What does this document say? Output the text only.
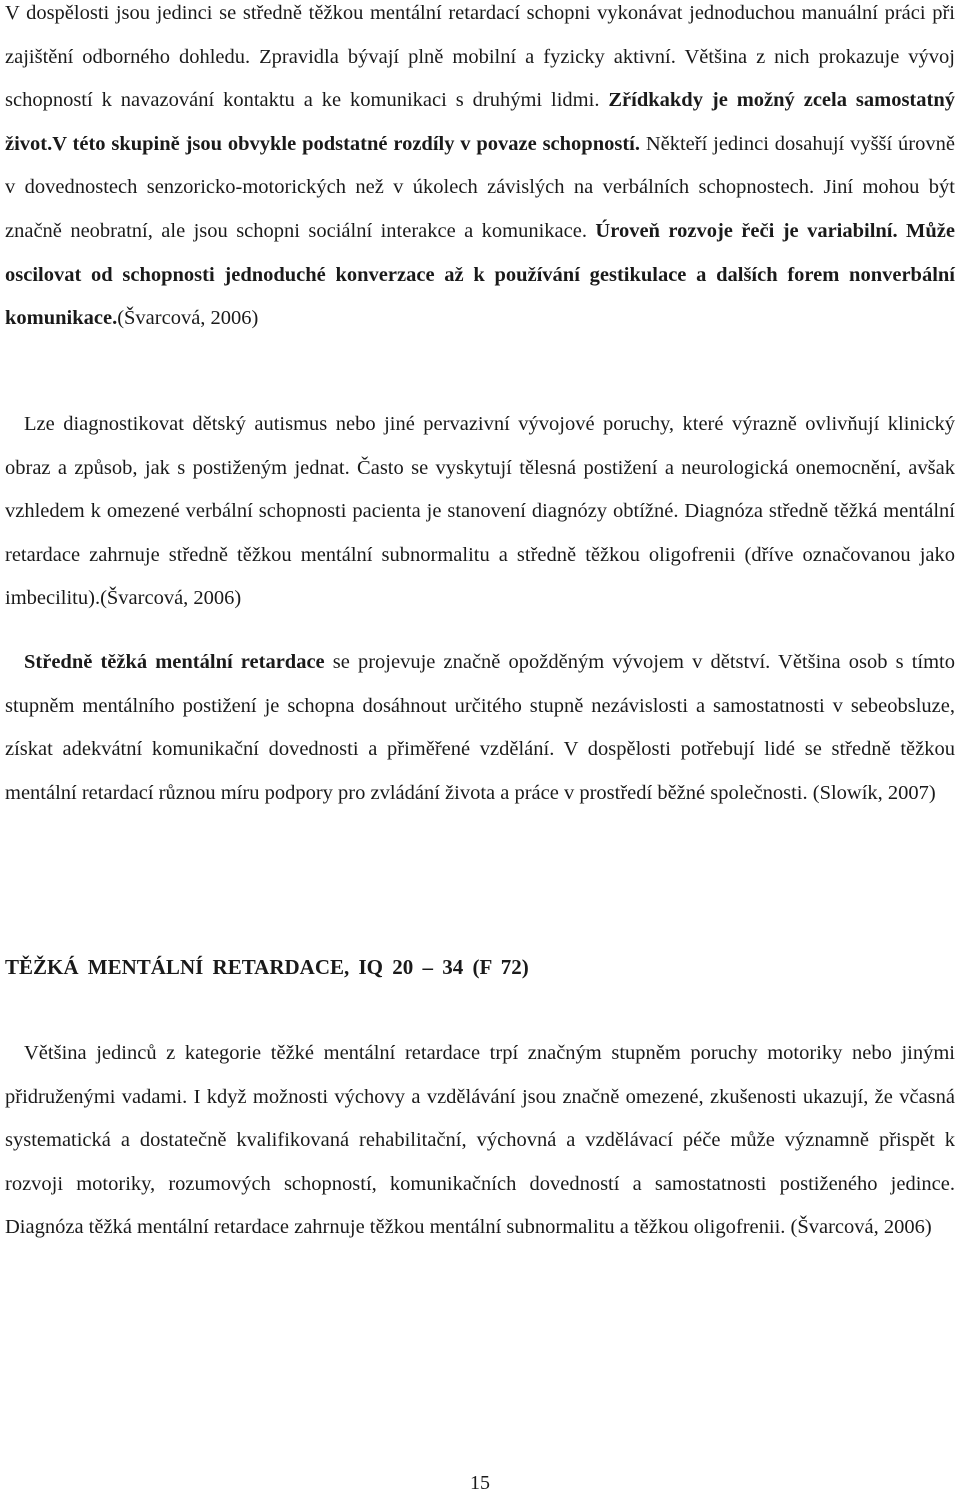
V dospělosti jsou jedinci se středně těžkou mentální retardací schopni vykonávat jednoduchou manuální práci při zajištění odborného dohledu. Zpravidla bývají plně mobilní a fyzicky aktivní. Většina z nich prokazuje vývoj schopností k navazování kontaktu a ke komunikaci s druhými lidmi. Zřídkakdy je možný zcela samostatný život.V této skupině jsou obvykle podstatné rozdíly v povaze schopností. Někteří jedinci dosahují vyšší úrovně v dovednostech senzoricko-motorických než v úkolech závislých na verbálních schopnostech. Jiní mohou být značně neobratní, ale jsou schopni sociální interakce a komunikace. Úroveň rozvoje řeči je variabilní. Může oscilovat od schopnosti jednoduché konverzace až k používání gestikulace a dalších forem nonverbální komunikace.(Švarcová, 2006)

Lze diagnostikovat dětský autismus nebo jiné pervazivní vývojové poruchy, které výrazně ovlivňují klinický obraz a způsob, jak s postiženým jednat. Často se vyskytují tělesná postižení a neurologická onemocnění, avšak vzhledem k omezené verbální schopnosti pacienta je stanovení diagnózy obtížné. Diagnóza středně těžká mentální retardace zahrnuje středně těžkou mentální subnormalitu a středně těžkou oligofrenii (dříve označovanou jako imbecilitu).(Švarcová, 2006)

Středně těžká mentální retardace se projevuje značně opožděným vývojem v dětství. Většina osob s tímto stupněm mentálního postižení je schopna dosáhnout určitého stupně nezávislosti a samostatnosti v sebeobsluze, získat adekvátní komunikační dovednosti a přiměřené vzdělání. V dospělosti potřebují lidé se středně těžkou mentální retardací různou míru podpory pro zvládání života a práce v prostředí běžné společnosti. (Slowík, 2007)

TĚŽKÁ MENTÁLNÍ RETARDACE, IQ 20 – 34 (F 72)

Většina jedinců z kategorie těžké mentální retardace trpí značným stupněm poruchy motoriky nebo jinými přidruženými vadami. I když možnosti výchovy a vzdělávání jsou značně omezené, zkušenosti ukazují, že včasná systematická a dostatečně kvalifikovaná rehabilitační, výchovná a vzdělávací péče může významně přispět k rozvoji motoriky, rozumových schopností, komunikačních dovedností a samostatnosti postiženého jedince. Diagnóza těžká mentální retardace zahrnuje těžkou mentální subnormalitu a těžkou oligofrenii. (Švarcová, 2006)

15
